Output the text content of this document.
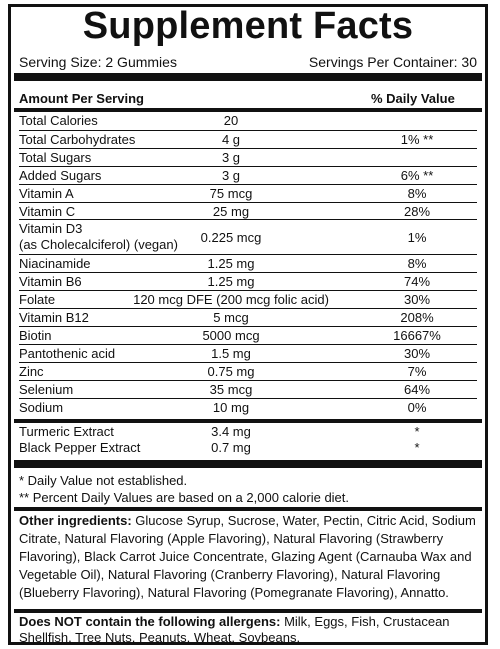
Supplement Facts
Serving Size: 2 Gummies	Servings Per Container: 30
Amount Per Serving	% Daily Value
Total Calories	20
Total Carbohydrates	4 g	1% **
Total Sugars	3 g
Added Sugars	3 g	6% **
Vitamin A	75 mcg	8%
Vitamin C	25 mg	28%
Vitamin D3
(as Cholecalciferol) (vegan) 0.225 mcg	1%
Niacinamide	1.25 mg	8%
Vitamin B6	1.25 mg	74%
Folate	120 mcg DFE (200 mcg folic acid)	30%
Vitamin B12	5 mcg	208%
Biotin	5000 mcg	16667%
Pantothenic acid	1.5 mg	30%
Zinc	0.75 mg	7%
Selenium	35 mcg	64%
Sodium	10 mg	0%
Turmeric Extract	3.4 mg	*
Black Pepper Extract	0.7 mg	*
* Daily Value not established.
** Percent Daily Values are based on a 2,000 calorie diet.
Other ingredients: Glucose Syrup, Sucrose, Water, Pectin, Citric Acid, Sodium Citrate, Natural Flavoring (Apple Flavoring), Natural Flavoring (Strawberry Flavoring), Black Carrot Juice Concentrate, Glazing Agent (Carnauba Wax and Vegetable Oil), Natural Flavoring (Cranberry Flavoring), Natural Flavoring (Blueberry Flavoring), Natural Flavoring (Pomegranate Flavoring), Annatto.
Does NOT contain the following allergens: Milk, Eggs, Fish, Crustacean Shellfish, Tree Nuts, Peanuts, Wheat, Soybeans.
